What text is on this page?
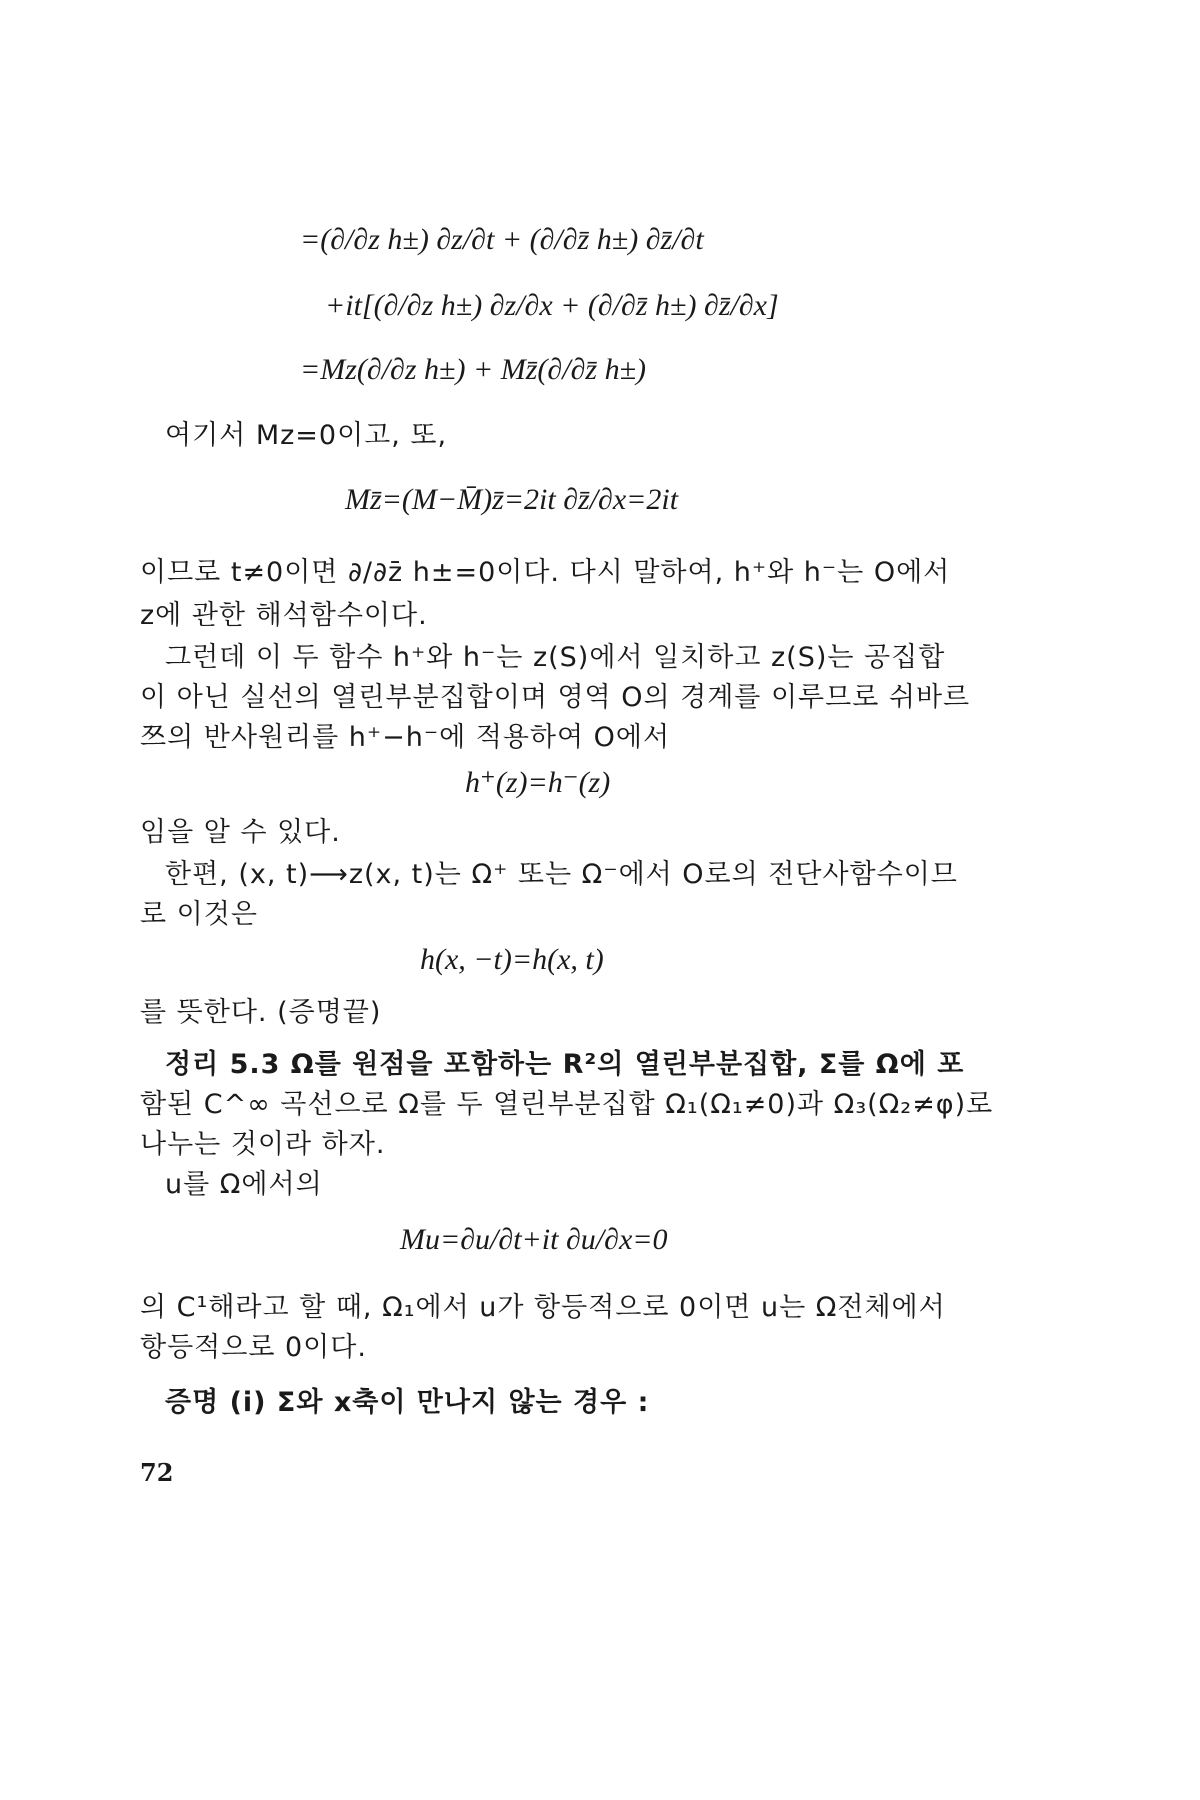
=(∂/∂z h±) ∂z/∂t + (∂/∂z̄ h±) ∂z̄/∂t
+it[(∂/∂z h±) ∂z/∂x + (∂/∂z̄ h±) ∂z̄/∂x]
=Mz(∂/∂z h±) + Mz̄(∂/∂z̄ h±)
여기서 Mz=0이고, 또,
Mz̄=(M−M̄)z̄=2it ∂z̄/∂x=2it
이므로 t≠0이면 ∂/∂z̄ h±=0이다. 다시 말하여, h⁺와 h⁻는 O에서
z에 관한 해석함수이다.
그런데 이 두 함수 h⁺와 h⁻는 z(S)에서 일치하고 z(S)는 공집합
이 아닌 실선의 열린부분집합이며 영역 O의 경계를 이루므로 쉬바르
쯔의 반사원리를 h⁺−h⁻에 적용하여 O에서
h⁺(z)=h⁻(z)
임을 알 수 있다.
한편, (x, t)⟶z(x, t)는 Ω⁺ 또는 Ω⁻에서 O로의 전단사함수이므
로 이것은
h(x, −t)=h(x, t)
를 뜻한다. (증명끝)
정리 5.3 Ω를 원점을 포함하는 R²의 열린부분집합, Σ를 Ω에 포
함된 C^∞ 곡선으로 Ω를 두 열린부분집합 Ω₁(Ω₁≠0)과 Ω₃(Ω₂≠φ)로
나누는 것이라 하자.
u를 Ω에서의
Mu=∂u/∂t+it ∂u/∂x=0
의 C¹해라고 할 때, Ω₁에서 u가 항등적으로 0이면 u는 Ω전체에서
항등적으로 0이다.
증명 (i) Σ와 x축이 만나지 않는 경우 :
72
